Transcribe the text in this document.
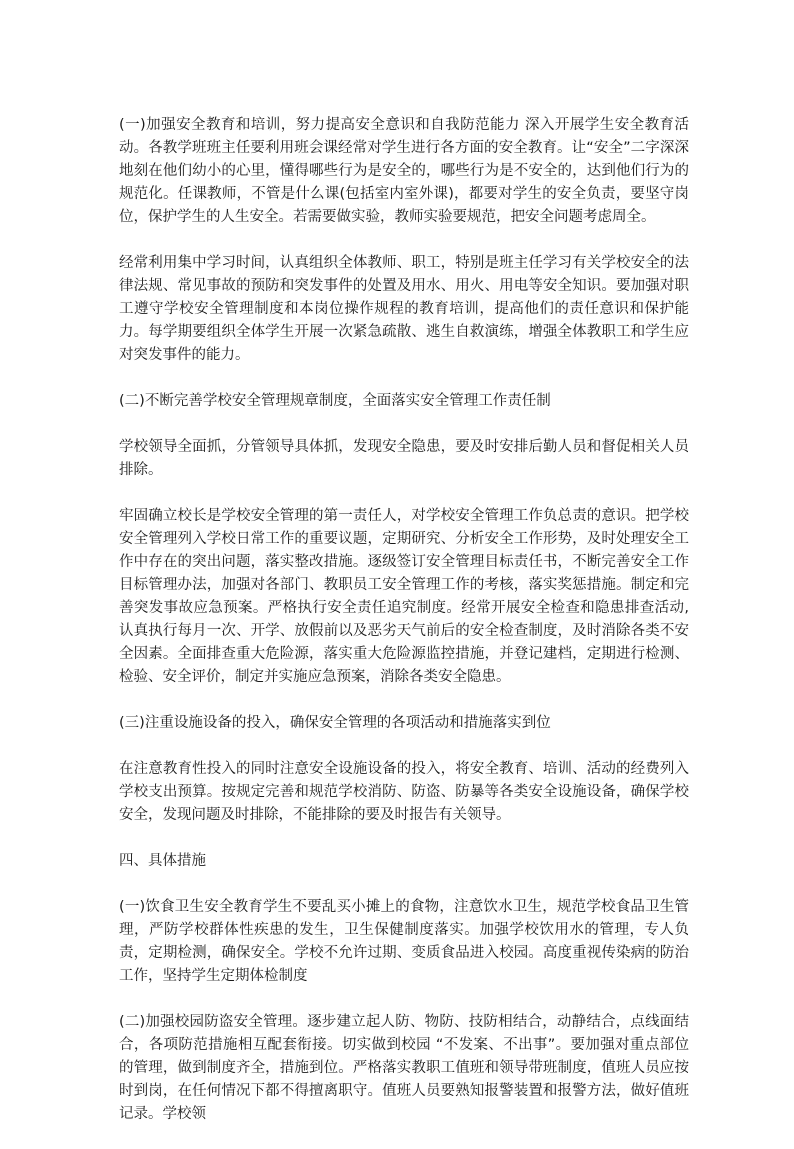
(一)加强安全教育和培训，努力提高安全意识和自我防范能力 深入开展学生安全教育活动。各教学班班主任要利用班会课经常对学生进行各方面的安全教育。让“安全”二字深深地刻在他们幼小的心里，懂得哪些行为是安全的，哪些行为是不安全的，达到他们行为的规范化。任课教师，不管是什么课(包括室内室外课)，都要对学生的安全负责，要坚守岗位，保护学生的人生安全。若需要做实验，教师实验要规范，把安全问题考虑周全。

经常利用集中学习时间，认真组织全体教师、职工，特别是班主任学习有关学校安全的法律法规、常见事故的预防和突发事件的处置及用水、用火、用电等安全知识。要加强对职工遵守学校安全管理制度和本岗位操作规程的教育培训，提高他们的责任意识和保护能力。每学期要组织全体学生开展一次紧急疏散、逃生自救演练，增强全体教职工和学生应对突发事件的能力。

(二)不断完善学校安全管理规章制度，全面落实安全管理工作责任制

学校领导全面抓，分管领导具体抓，发现安全隐患，要及时安排后勤人员和督促相关人员排除。

牢固确立校长是学校安全管理的第一责任人，对学校安全管理工作负总责的意识。把学校安全管理列入学校日常工作的重要议题，定期研究、分析安全工作形势，及时处理安全工作中存在的突出问题，落实整改措施。逐级签订安全管理目标责任书，不断完善安全工作目标管理办法，加强对各部门、教职员工安全管理工作的考核，落实奖惩措施。制定和完善突发事故应急预案。严格执行安全责任追究制度。经常开展安全检查和隐患排查活动,认真执行每月一次、开学、放假前以及恶劣天气前后的安全检查制度，及时消除各类不安全因素。全面排查重大危险源，落实重大危险源监控措施，并登记建档，定期进行检测、检验、安全评价，制定并实施应急预案，消除各类安全隐患。

(三)注重设施设备的投入，确保安全管理的各项活动和措施落实到位

在注意教育性投入的同时注意安全设施设备的投入，将安全教育、培训、活动的经费列入学校支出预算。按规定完善和规范学校消防、防盗、防暴等各类安全设施设备，确保学校安全，发现问题及时排除，不能排除的要及时报告有关领导。

四、具体措施

(一)饮食卫生安全教育学生不要乱买小摊上的食物，注意饮水卫生，规范学校食品卫生管理，严防学校群体性疾患的发生，卫生保健制度落实。加强学校饮用水的管理，专人负责，定期检测，确保安全。学校不允许过期、变质食品进入校园。高度重视传染病的防治工作，坚持学生定期体检制度

(二)加强校园防盗安全管理。逐步建立起人防、物防、技防相结合，动静结合，点线面结合，各项防范措施相互配套衔接。切实做到校园 “不发案、不出事”。要加强对重点部位的管理，做到制度齐全，措施到位。严格落实教职工值班和领导带班制度，值班人员应按时到岗，在任何情况下都不得擅离职守。值班人员要熟知报警装置和报警方法，做好值班记录。学校领
